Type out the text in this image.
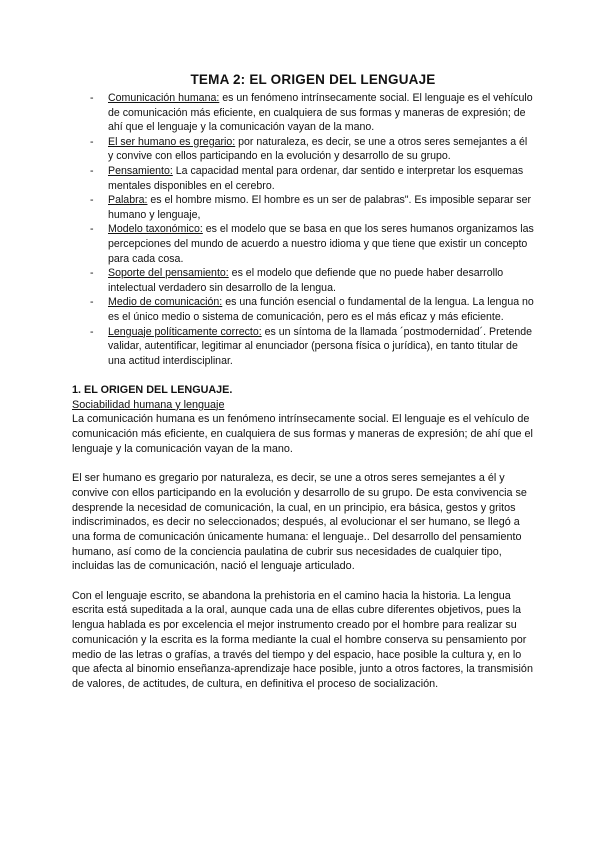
TEMA 2: EL ORIGEN DEL LENGUAJE
- Comunicación humana: es un fenómeno intrínsecamente social. El lenguaje es el vehículo de comunicación más eficiente, en cualquiera de sus formas y maneras de expresión; de ahí que el lenguaje y la comunicación vayan de la mano.
- El ser humano es gregario: por naturaleza, es decir, se une a otros seres semejantes a él y convive con ellos participando en la evolución y desarrollo de su grupo.
- Pensamiento: La capacidad mental para ordenar, dar sentido e interpretar los esquemas mentales disponibles en el cerebro.
- Palabra: es el hombre mismo. El hombre es un ser de palabras". Es imposible separar ser humano y lenguaje,
- Modelo taxonómico: es el modelo que se basa en que los seres humanos organizamos las percepciones del mundo de acuerdo a nuestro idioma y que tiene que existir un concepto para cada cosa.
- Soporte del pensamiento: es el modelo que defiende que no puede haber desarrollo intelectual verdadero sin desarrollo de la lengua.
- Medio de comunicación: es una función esencial o fundamental de la lengua. La lengua no es el único medio o sistema de comunicación, pero es el más eficaz y más eficiente.
- Lenguaje políticamente correcto: es un síntoma de la llamada ´postmodernidad´. Pretende validar, autentificar, legitimar al enunciador (persona física o jurídica), en tanto titular de una actitud interdisciplinar.
1. EL ORIGEN DEL LENGUAJE.

Sociabilidad humana y lenguaje

La comunicación humana es un fenómeno intrínsecamente social. El lenguaje es el vehículo de comunicación más eficiente, en cualquiera de sus formas y maneras de expresión; de ahí que el lenguaje y la comunicación vayan de la mano.

El ser humano es gregario por naturaleza, es decir, se une a otros seres semejantes a él y convive con ellos participando en la evolución y desarrollo de su grupo. De esta convivencia se desprende la necesidad de comunicación, la cual, en un principio, era básica, gestos y gritos indiscriminados, es decir no seleccionados; después, al evolucionar el ser humano, se llegó a una forma de comunicación únicamente humana: el lenguaje.. Del desarrollo del pensamiento humano, así como de la conciencia paulatina de cubrir sus necesidades de cualquier tipo, incluidas las de comunicación, nació el lenguaje articulado.

Con el lenguaje escrito, se abandona la prehistoria en el camino hacia la historia. La lengua escrita está supeditada a la oral, aunque cada una de ellas cubre diferentes objetivos, pues la lengua hablada es por excelencia el mejor instrumento creado por el hombre para realizar su comunicación y la escrita es la forma mediante la cual el hombre conserva su pensamiento por medio de las letras o grafías, a través del tiempo y del espacio, hace posible la cultura y, en lo que afecta al binomio enseñanza-aprendizaje hace posible, junto a otros factores, la transmisión de valores, de actitudes, de cultura, en definitiva el proceso de socialización.
